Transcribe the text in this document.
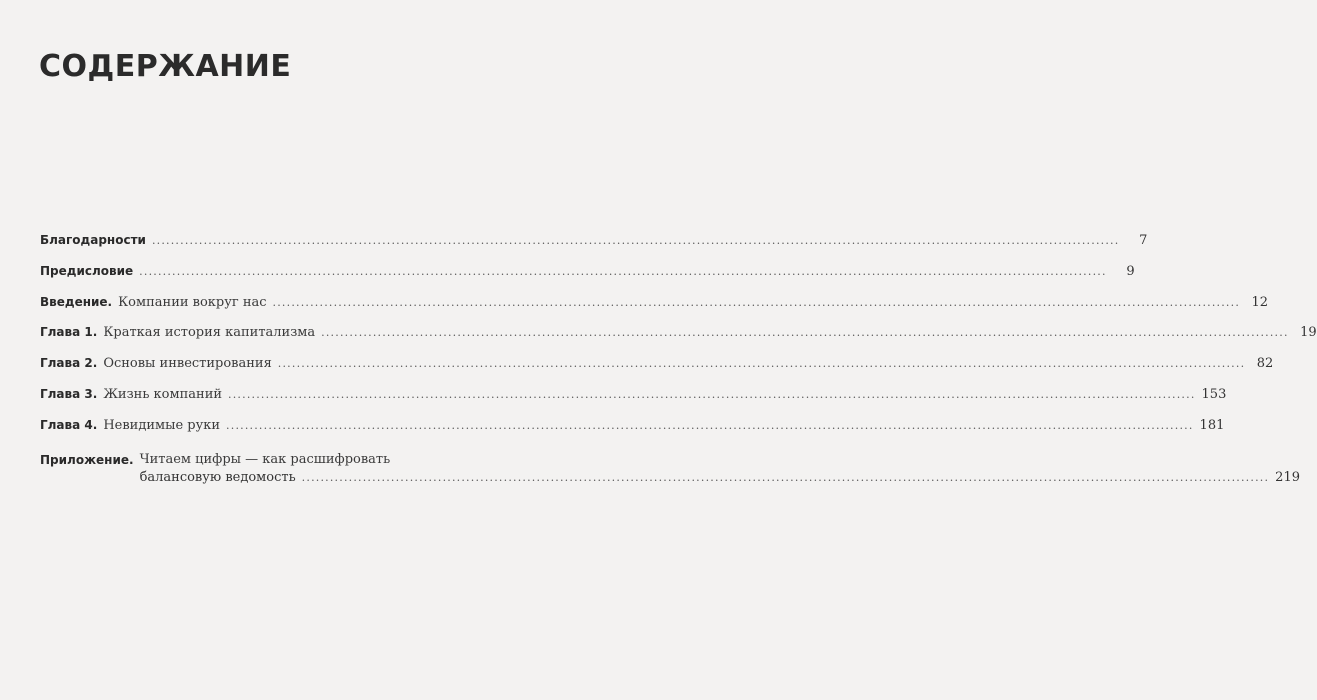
СОДЕРЖАНИЕ
Благодарности .....	7
Предисловие .....	9
Введение. Компании вокруг нас .....	12
Глава 1. Краткая история капитализма .....	19
Глава 2. Основы инвестирования .....	82
Глава 3. Жизнь компаний .....	153
Глава 4. Невидимые руки .....	181
Приложение. Читаем цифры — как расшифровать
балансовую ведомость .....	219
